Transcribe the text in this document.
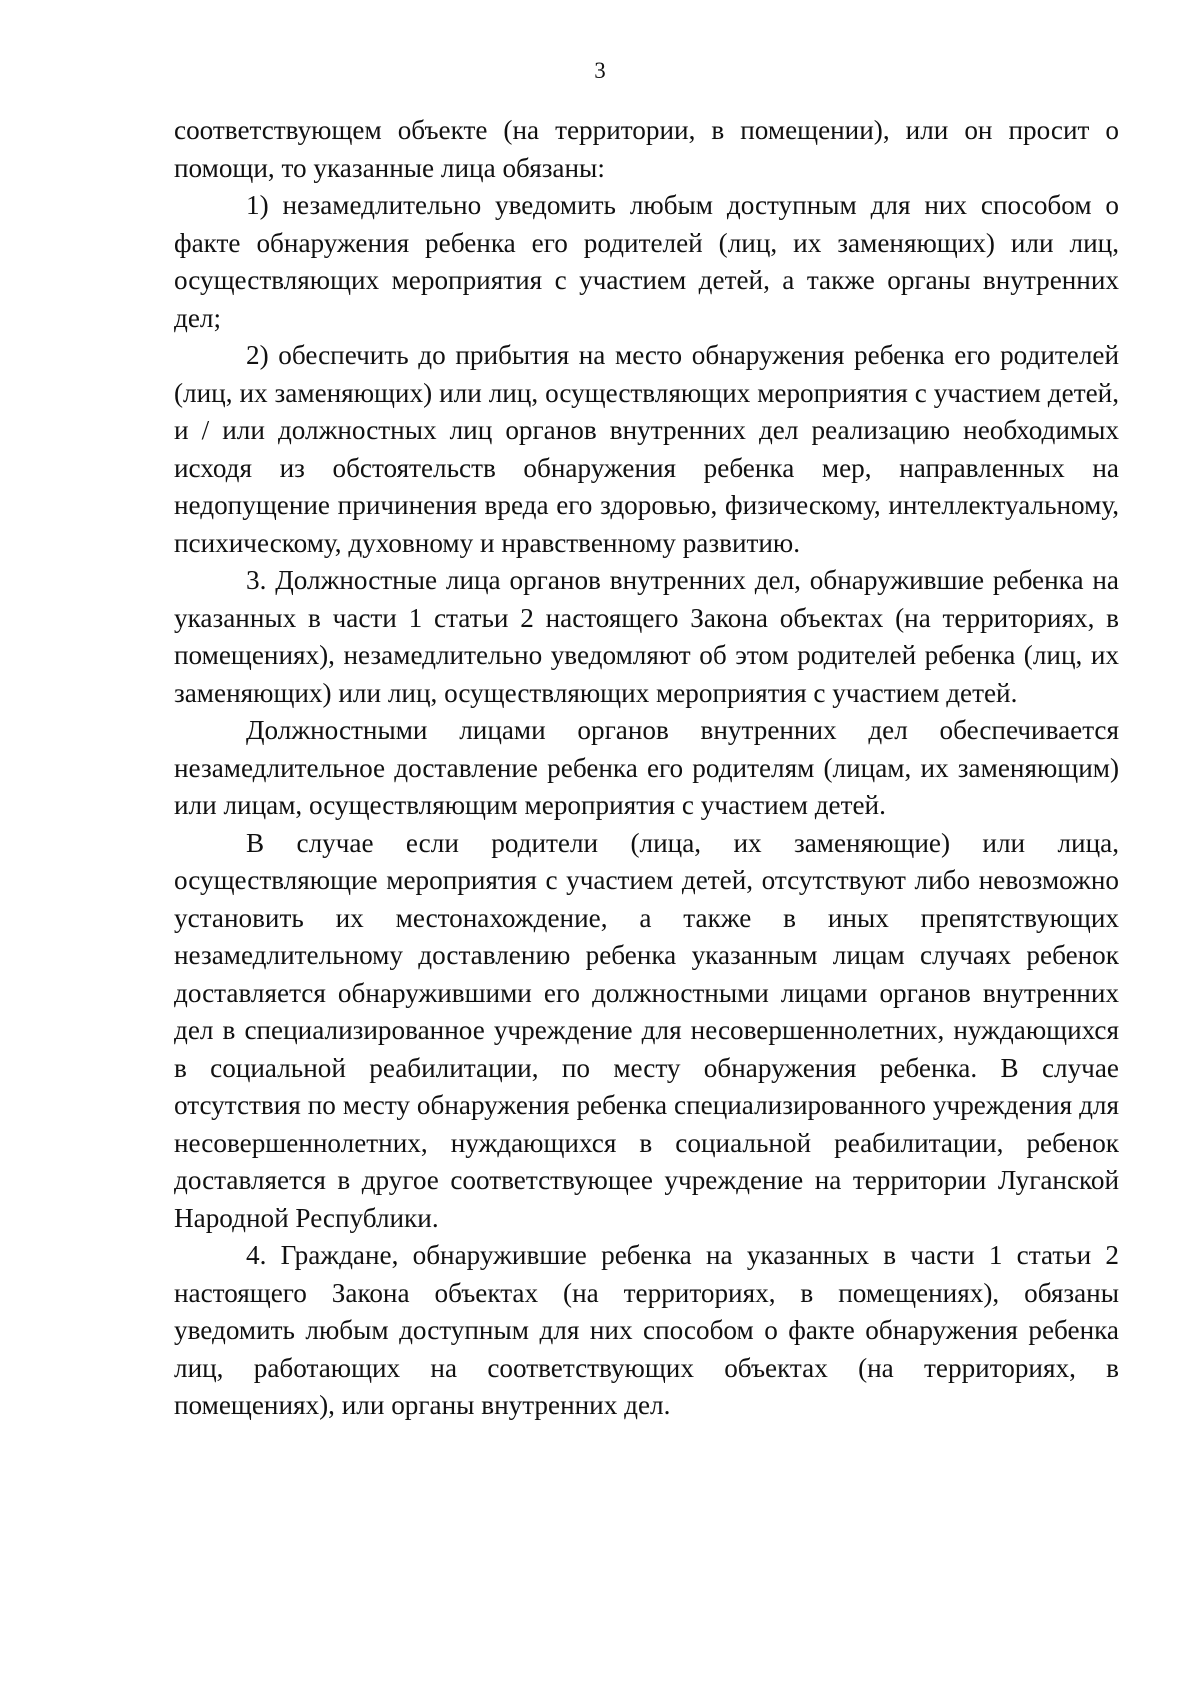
3

соответствующем объекте (на территории, в помещении), или он просит о помощи, то указанные лица обязаны:

1) незамедлительно уведомить любым доступным для них способом о факте обнаружения ребенка его родителей (лиц, их заменяющих) или лиц, осуществляющих мероприятия с участием детей, а также органы внутренних дел;

2) обеспечить до прибытия на место обнаружения ребенка его родителей (лиц, их заменяющих) или лиц, осуществляющих мероприятия с участием детей, и / или должностных лиц органов внутренних дел реализацию необходимых исходя из обстоятельств обнаружения ребенка мер, направленных на недопущение причинения вреда его здоровью, физическому, интеллектуальному, психическому, духовному и нравственному развитию.

3. Должностные лица органов внутренних дел, обнаружившие ребенка на указанных в части 1 статьи 2 настоящего Закона объектах (на территориях, в помещениях), незамедлительно уведомляют об этом родителей ребенка (лиц, их заменяющих) или лиц, осуществляющих мероприятия с участием детей.

Должностными лицами органов внутренних дел обеспечивается незамедлительное доставление ребенка его родителям (лицам, их заменяющим) или лицам, осуществляющим мероприятия с участием детей.

В случае если родители (лица, их заменяющие) или лица, осуществляющие мероприятия с участием детей, отсутствуют либо невозможно установить их местонахождение, а также в иных препятствующих незамедлительному доставлению ребенка указанным лицам случаях ребенок доставляется обнаружившими его должностными лицами органов внутренних дел в специализированное учреждение для несовершеннолетних, нуждающихся в социальной реабилитации, по месту обнаружения ребенка. В случае отсутствия по месту обнаружения ребенка специализированного учреждения для несовершеннолетних, нуждающихся в социальной реабилитации, ребенок доставляется в другое соответствующее учреждение на территории Луганской Народной Республики.

4. Граждане, обнаружившие ребенка на указанных в части 1 статьи 2 настоящего Закона объектах (на территориях, в помещениях), обязаны уведомить любым доступным для них способом о факте обнаружения ребенка лиц, работающих на соответствующих объектах (на территориях, в помещениях), или органы внутренних дел.
